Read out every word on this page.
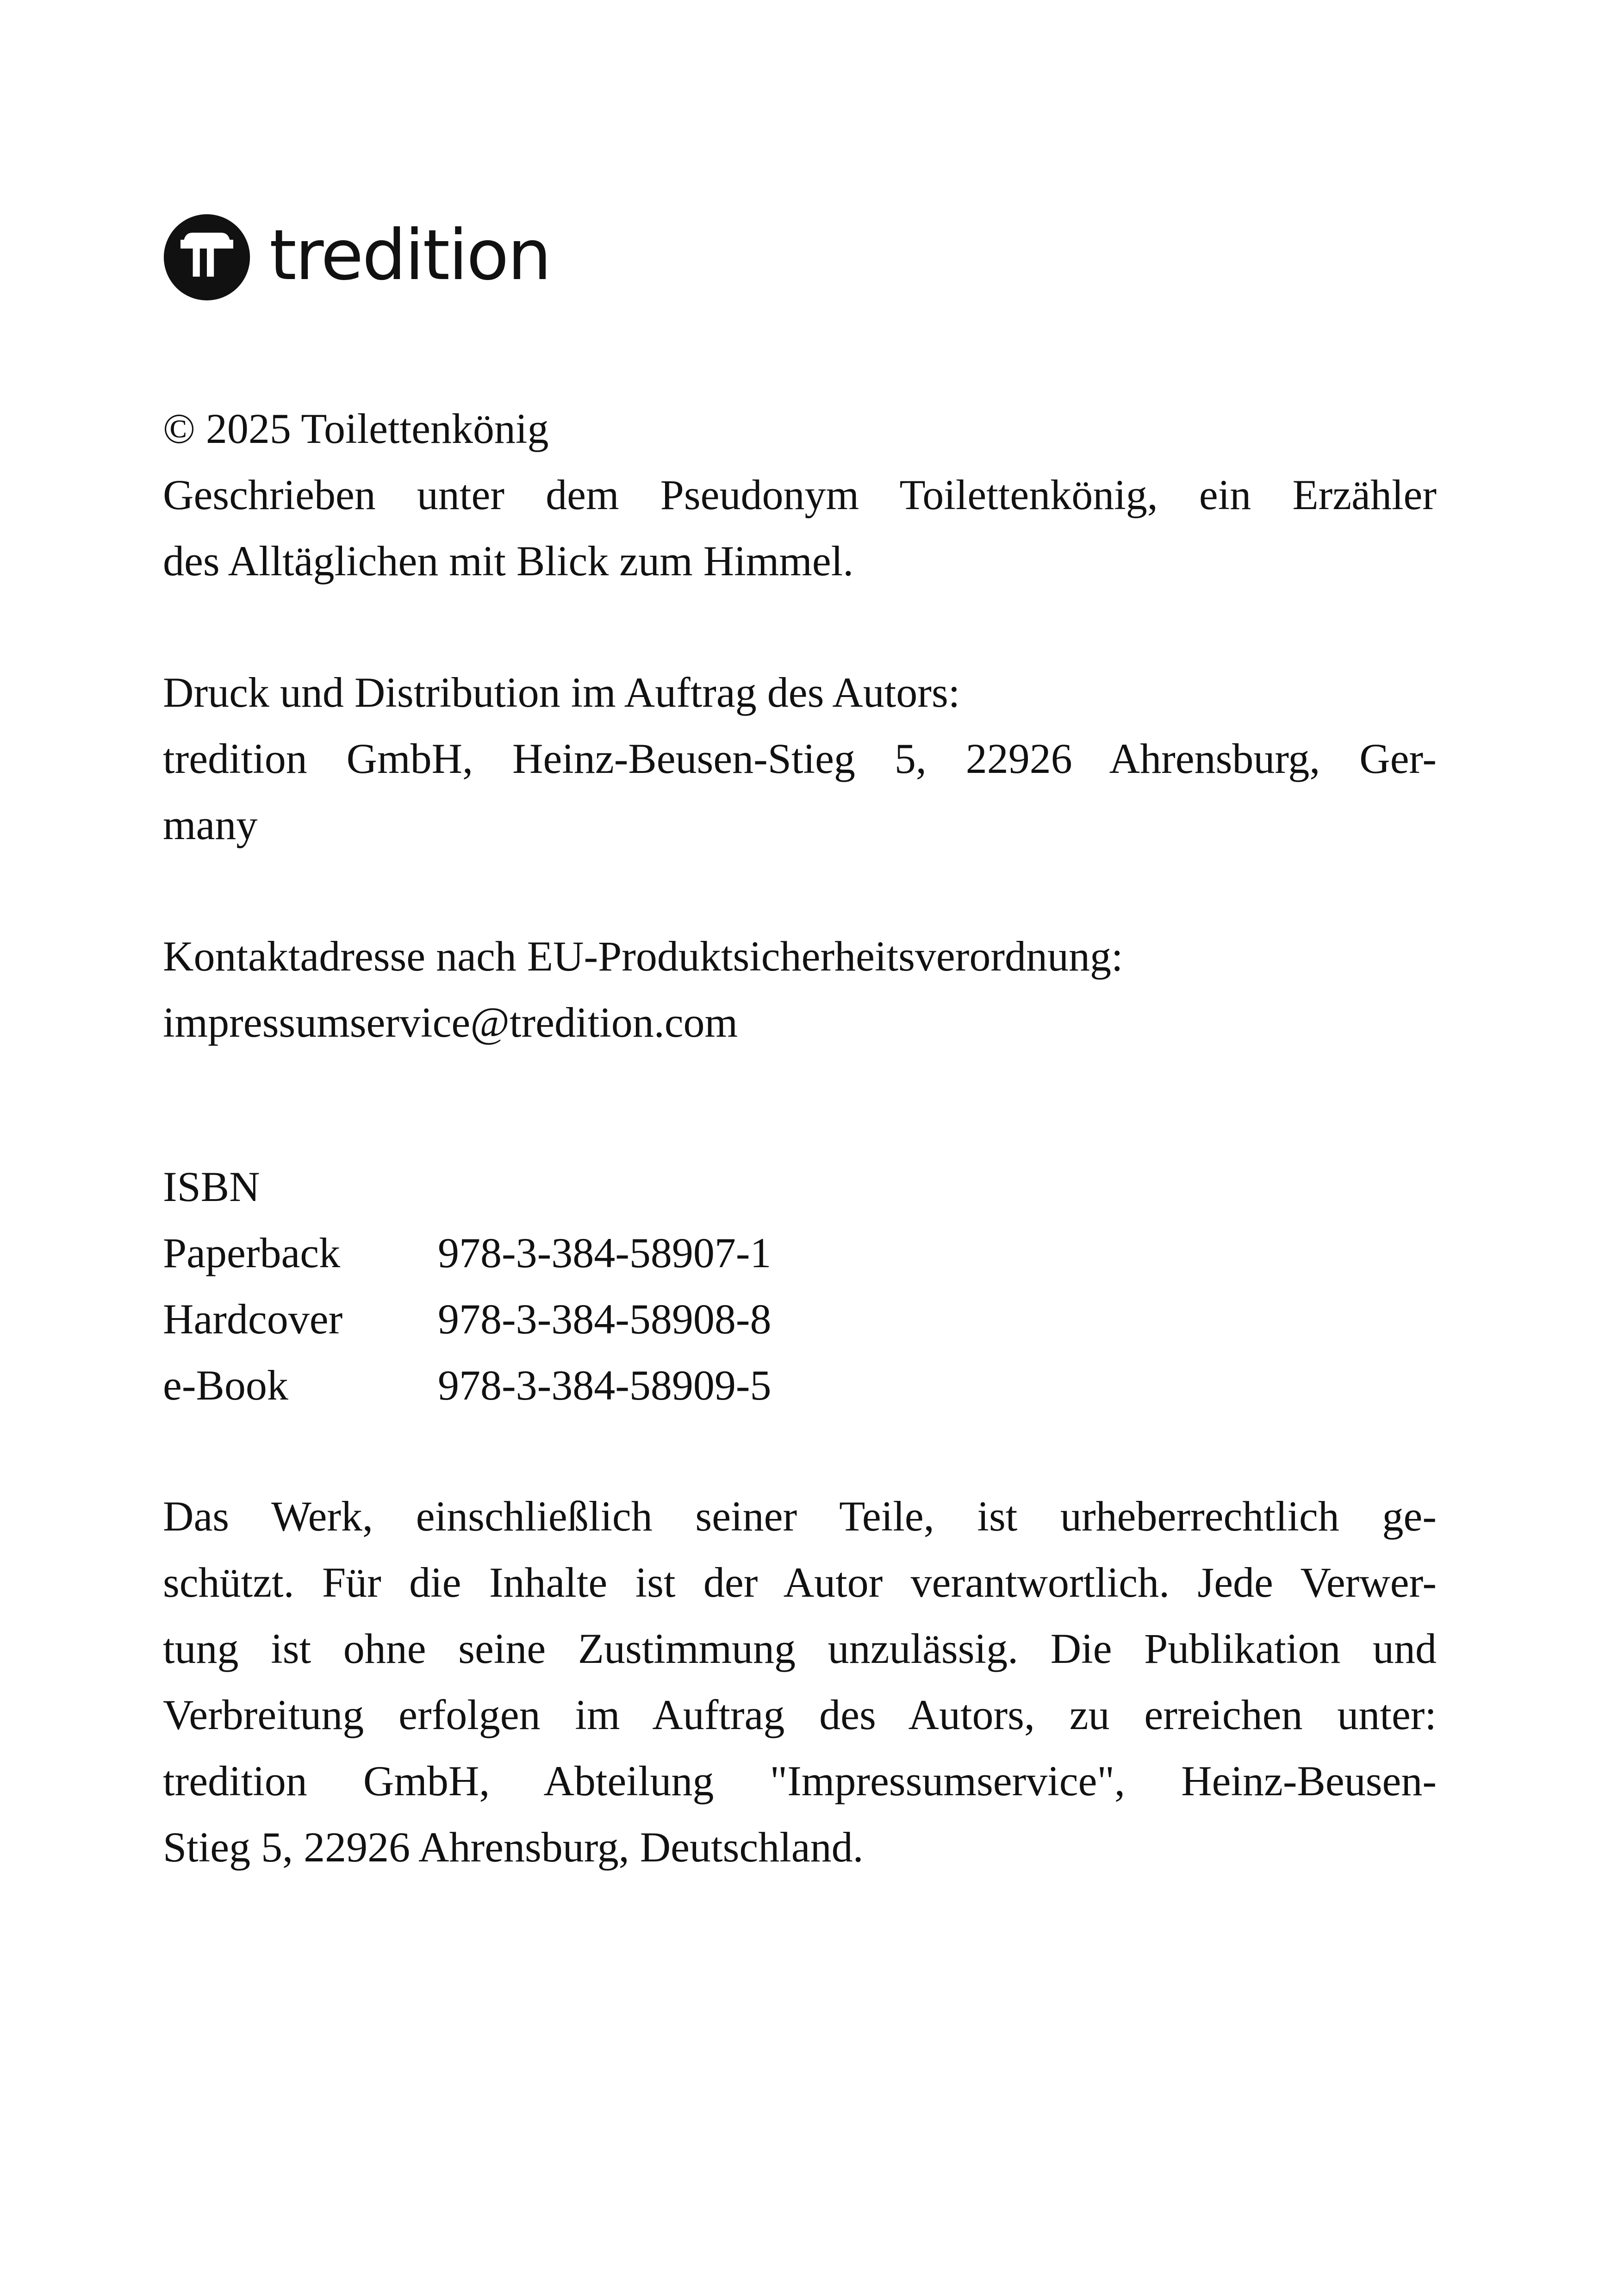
tredition

© 2025 Toilettenkönig

Geschrieben unter dem Pseudonym Toilettenkönig, ein Erzähler

des Alltäglichen mit Blick zum Himmel.

Druck und Distribution im Auftrag des Autors:

tredition GmbH, Heinz-Beusen-Stieg 5, 22926 Ahrensburg, Ger-

many

Kontaktadresse nach EU-Produktsicherheitsverordnung:

impressumservice@tredition.com

ISBN

Paperback	978-3-384-58907-1
Hardcover	978-3-384-58908-8
e-Book	978-3-384-58909-5

Das Werk, einschließlich seiner Teile, ist urheberrechtlich ge-

schützt. Für die Inhalte ist der Autor verantwortlich. Jede Verwer-

tung ist ohne seine Zustimmung unzulässig. Die Publikation und

Verbreitung erfolgen im Auftrag des Autors, zu erreichen unter:

tredition GmbH, Abteilung "Impressumservice", Heinz-Beusen-

Stieg 5, 22926 Ahrensburg, Deutschland.
